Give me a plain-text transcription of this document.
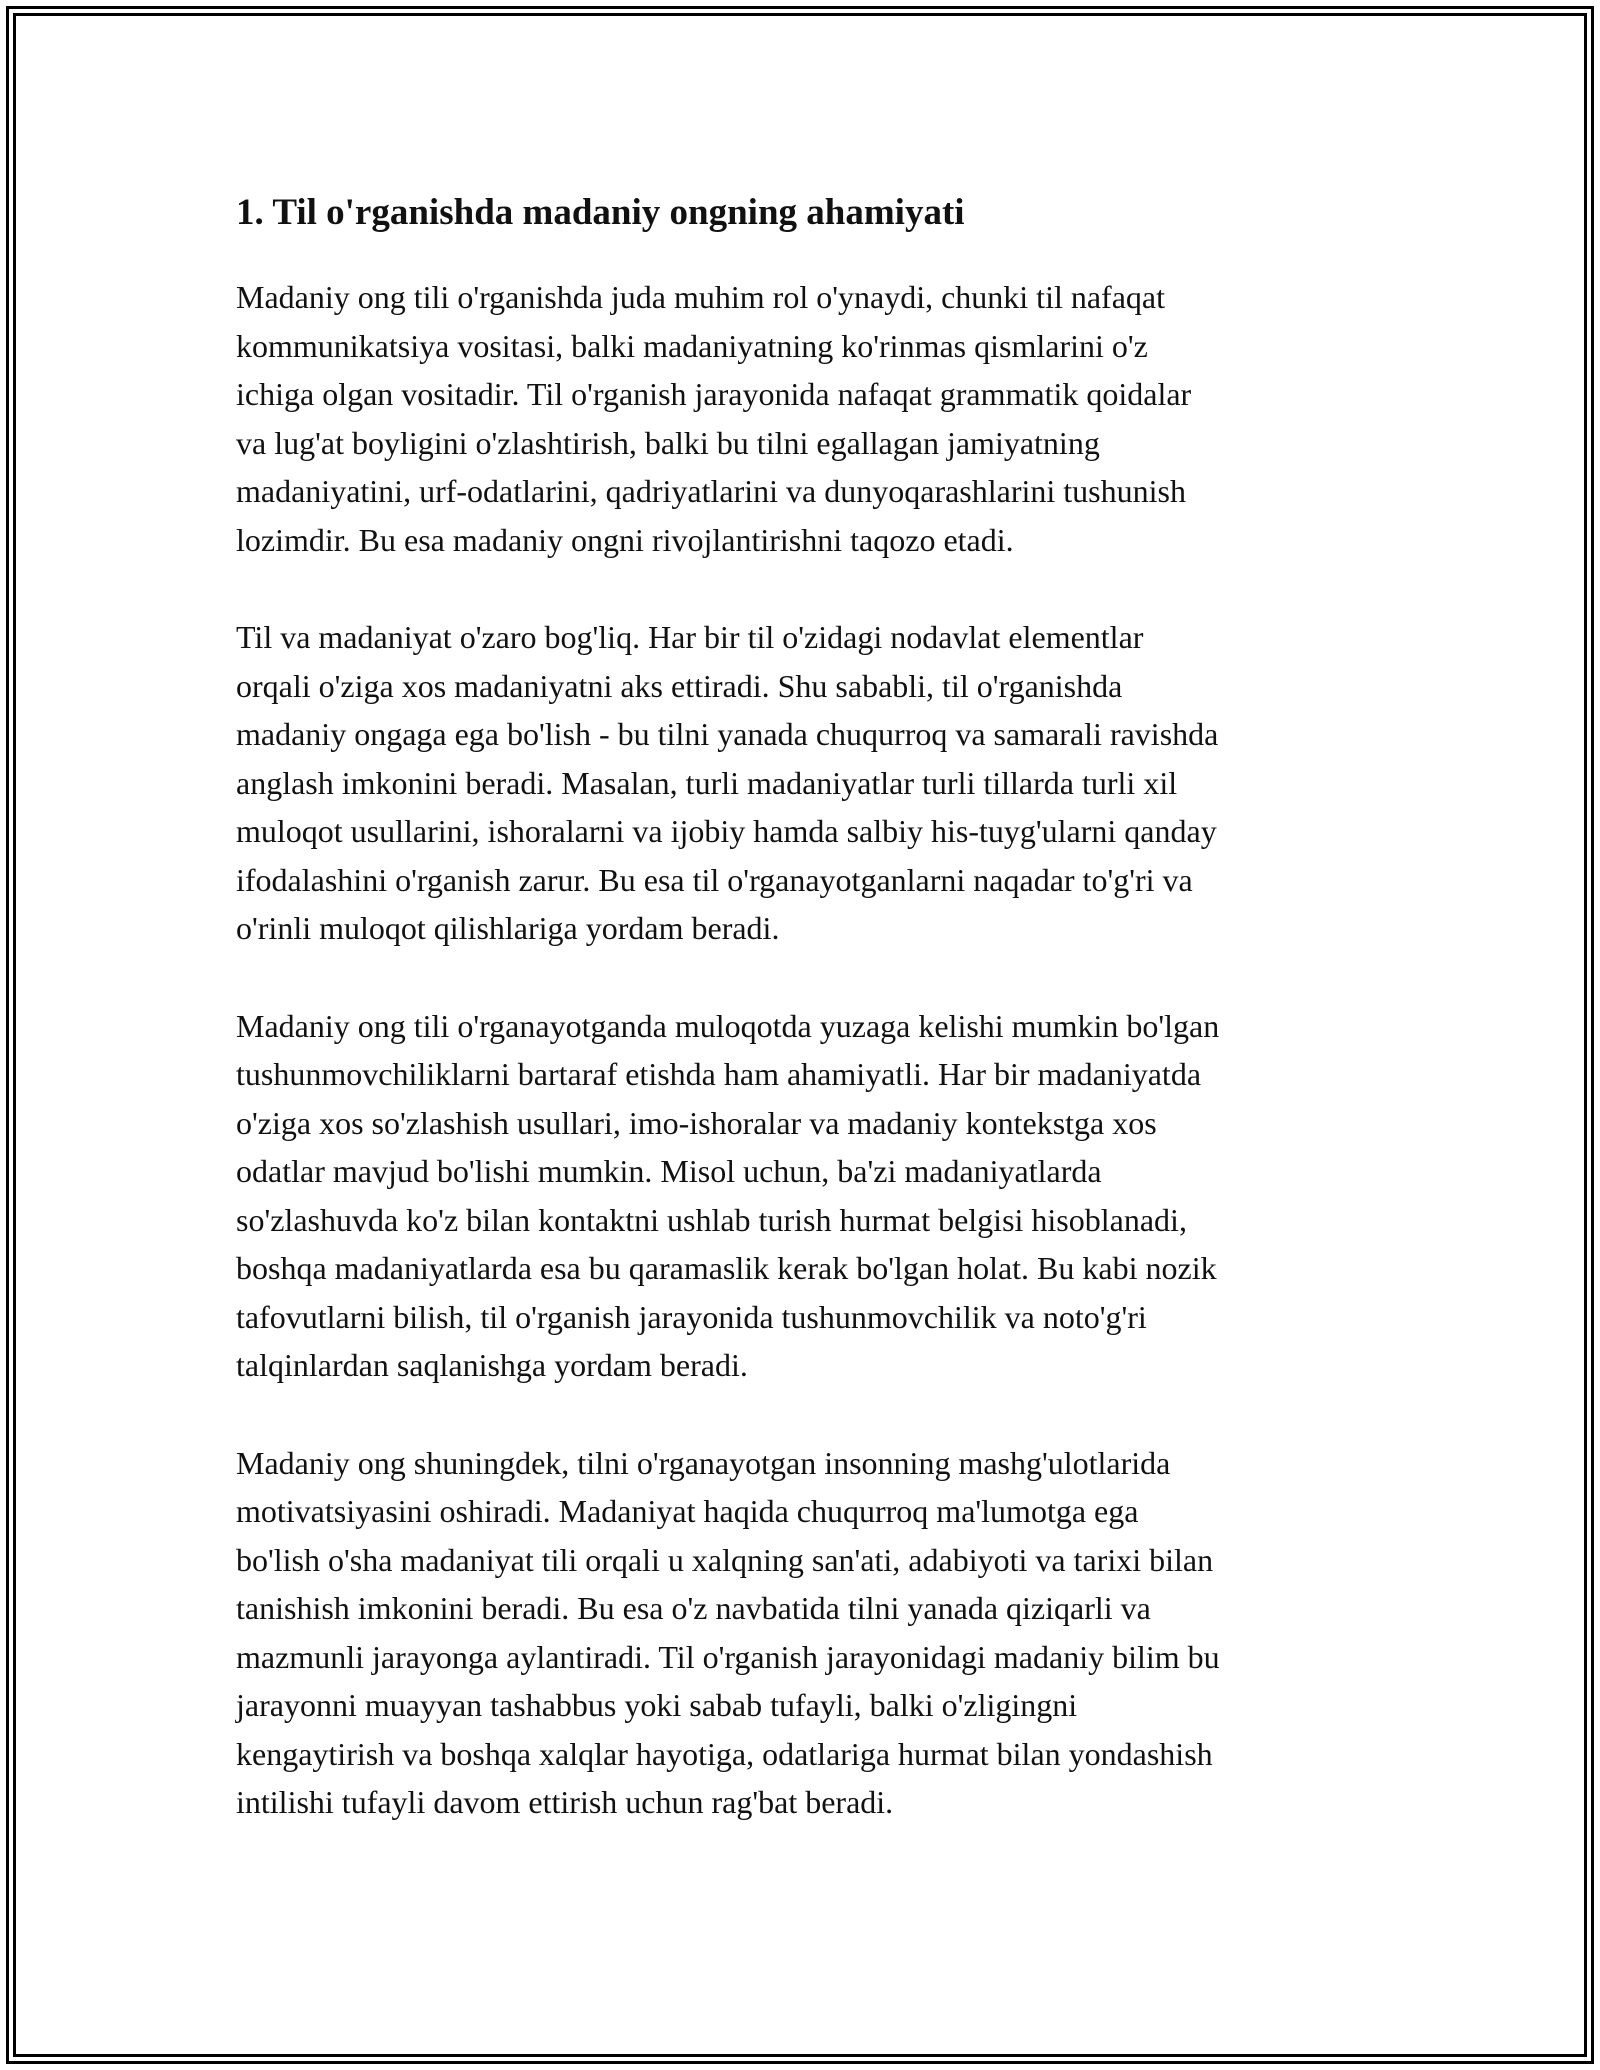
1. Til o'rganishda madaniy ongning ahamiyati

Madaniy ong tili o'rganishda juda muhim rol o'ynaydi, chunki til nafaqat
kommunikatsiya vositasi, balki madaniyatning ko'rinmas qismlarini o'z
ichiga olgan vositadir. Til o'rganish jarayonida nafaqat grammatik qoidalar
va lug'at boyligini o'zlashtirish, balki bu tilni egallagan jamiyatning
madaniyatini, urf-odatlarini, qadriyatlarini va dunyoqarashlarini tushunish
lozimdir. Bu esa madaniy ongni rivojlantirishni taqozo etadi.

Til va madaniyat o'zaro bog'liq. Har bir til o'zidagi nodavlat elementlar
orqali o'ziga xos madaniyatni aks ettiradi. Shu sababli, til o'rganishda
madaniy ongaga ega bo'lish - bu tilni yanada chuqurroq va samarali ravishda
anglash imkonini beradi. Masalan, turli madaniyatlar turli tillarda turli xil
muloqot usullarini, ishoralarni va ijobiy hamda salbiy his-tuyg'ularni qanday
ifodalashini o'rganish zarur. Bu esa til o'rganayotganlarni naqadar to'g'ri va
o'rinli muloqot qilishlariga yordam beradi.

Madaniy ong tili o'rganayotganda muloqotda yuzaga kelishi mumkin bo'lgan
tushunmovchiliklarni bartaraf etishda ham ahamiyatli. Har bir madaniyatda
o'ziga xos so'zlashish usullari, imo-ishoralar va madaniy kontekstga xos
odatlar mavjud bo'lishi mumkin. Misol uchun, ba'zi madaniyatlarda
so'zlashuvda ko'z bilan kontaktni ushlab turish hurmat belgisi hisoblanadi,
boshqa madaniyatlarda esa bu qaramaslik kerak bo'lgan holat. Bu kabi nozik
tafovutlarni bilish, til o'rganish jarayonida tushunmovchilik va noto'g'ri
talqinlardan saqlanishga yordam beradi.

Madaniy ong shuningdek, tilni o'rganayotgan insonning mashg'ulotlarida
motivatsiyasini oshiradi. Madaniyat haqida chuqurroq ma'lumotga ega
bo'lish o'sha madaniyat tili orqali u xalqning san'ati, adabiyoti va tarixi bilan
tanishish imkonini beradi. Bu esa o'z navbatida tilni yanada qiziqarli va
mazmunli jarayonga aylantiradi. Til o'rganish jarayonidagi madaniy bilim bu
jarayonni muayyan tashabbus yoki sabab tufayli, balki o'zligingni
kengaytirish va boshqa xalqlar hayotiga, odatlariga hurmat bilan yondashish
intilishi tufayli davom ettirish uchun rag'bat beradi.
